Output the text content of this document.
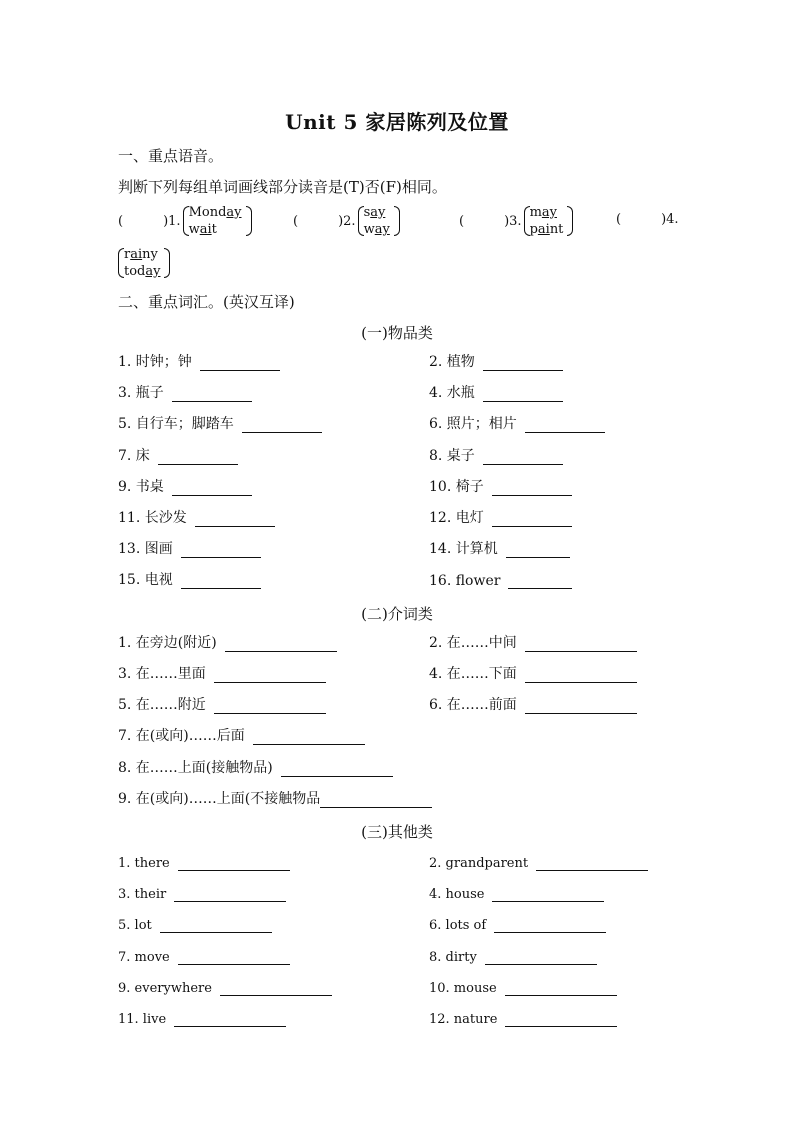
Unit 5 家居陈列及位置
一、重点语音。
判断下列每组单词画线部分读音是(T)否(F)相同。
(	)1.
Monday
wait
(	)2.
say
way
(	)3.
may
paint
(	)4.
rainy
today
二、重点词汇。(英汉互译)
(一)物品类
1. 时钟；钟	2. 植物
3. 瓶子	4. 水瓶
5. 自行车；脚踏车	6. 照片；相片
7. 床	8. 桌子
9. 书桌	10. 椅子
11. 长沙发	12. 电灯
13. 图画	14. 计算机
15. 电视	16. flower
(二)介词类
1. 在旁边(附近)	2. 在……中间
3. 在……里面	4. 在……下面
5. 在……附近	6. 在……前面
7. 在(或向)……后面
8. 在……上面(接触物品)
9. 在(或向)……上面(不接触物品
(三)其他类
1. there	2. grandparent
3. their	4. house
5. lot	6. lots of
7. move	8. dirty
9. everywhere	10. mouse
11. live	12. nature
